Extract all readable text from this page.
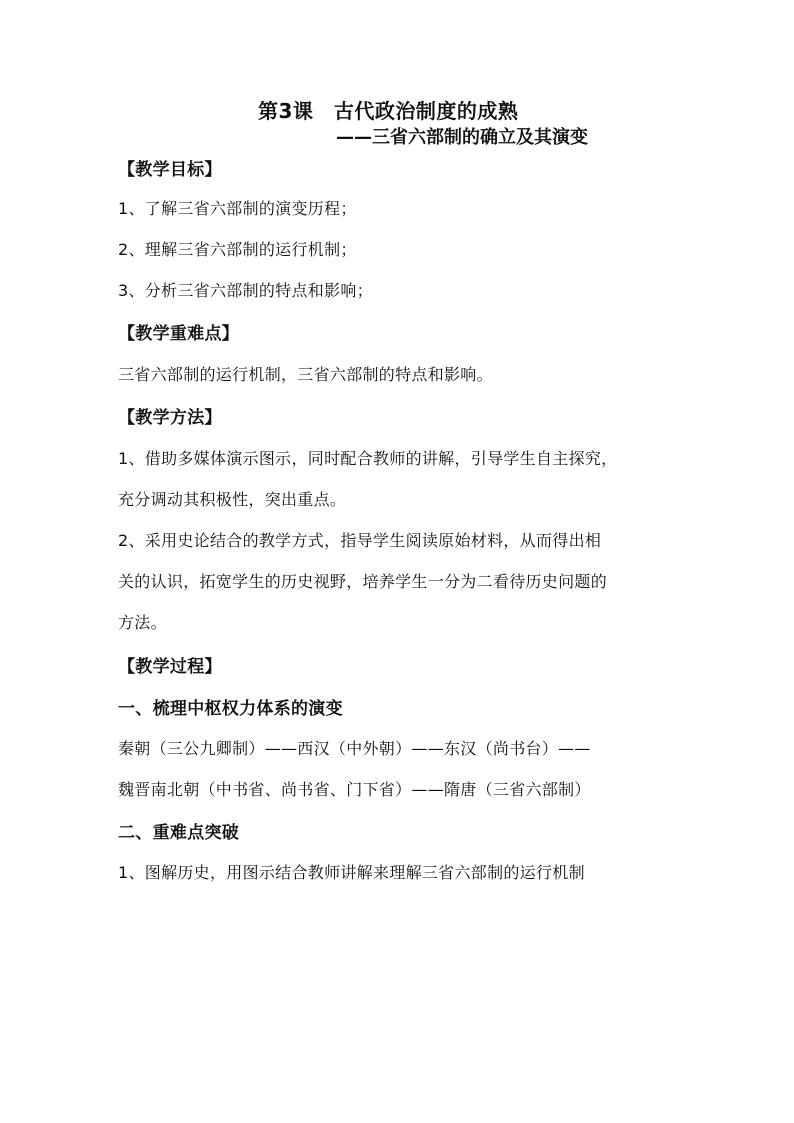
第3课　古代政治制度的成熟
——三省六部制的确立及其演变
【教学目标】
1、了解三省六部制的演变历程；
2、理解三省六部制的运行机制；
3、分析三省六部制的特点和影响；
【教学重难点】
三省六部制的运行机制，三省六部制的特点和影响。
【教学方法】
1、借助多媒体演示图示，同时配合教师的讲解，引导学生自主探究，
充分调动其积极性，突出重点。
2、采用史论结合的教学方式，指导学生阅读原始材料，从而得出相
关的认识，拓宽学生的历史视野，培养学生一分为二看待历史问题的
方法。
【教学过程】
一、梳理中枢权力体系的演变
秦朝（三公九卿制）——西汉（中外朝）——东汉（尚书台）——
魏晋南北朝（中书省、尚书省、门下省）——隋唐（三省六部制）
二、重难点突破
1、图解历史，用图示结合教师讲解来理解三省六部制的运行机制
